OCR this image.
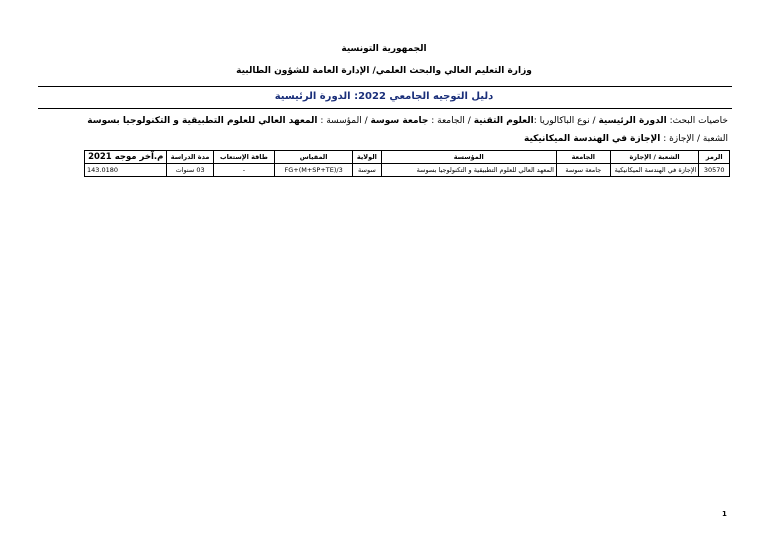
الجمهورية التونسية
وزارة التعليم العالي والبحث العلمي/ الإدارة العامة للشؤون الطالبية
دليل التوجيه الجامعي 2022: الدورة الرئيسية
خاصيات البحث: الدورة الرئيسية / نوع الباكالوريا :العلوم التقنية / الجامعة : جامعة سوسة / المؤسسة : المعهد العالي للعلوم التطبيقية و التكنولوجيا بسوسة
الشعبة / الإجازة : الإجازة في الهندسة الميكانيكية
الرمز	الشعبة / الإجازة	الجامعة	المؤسسة	الولاية	المقياس	طاقة الإستعاب	مدة الدراسة	م.آخر موجه 2021
30570	الإجازة في الهندسة الميكانيكية	جامعة سوسة	المعهد العالي للعلوم التطبيقية و التكنولوجيا بسوسة	سوسة	FG+(M+SP+TE)/3	-	03 سنوات	143.0180
1
